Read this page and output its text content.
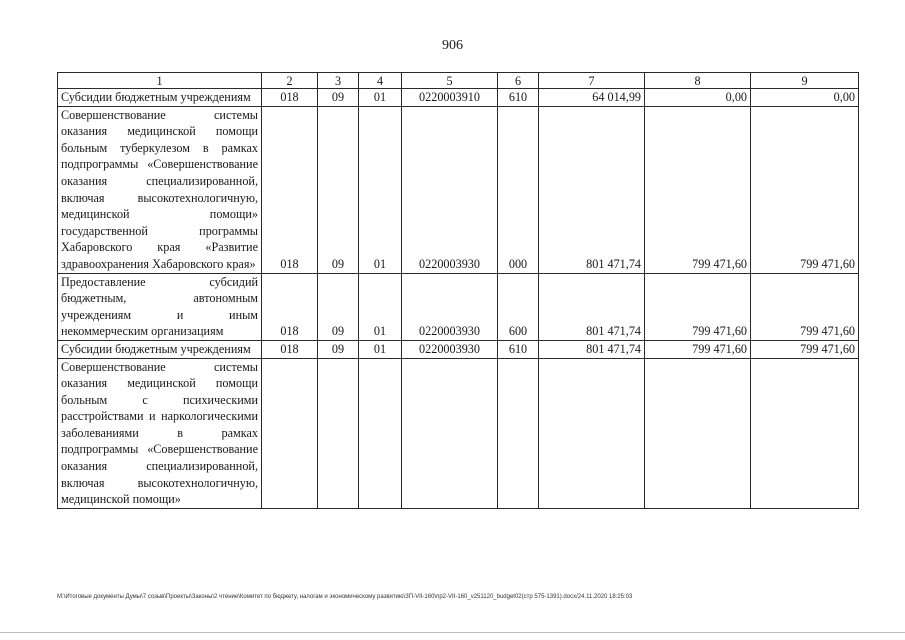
906
1	2	3	4	5	6	7	8	9
Субсидии бюджетным учреждениям	018	09	01	0220003910	610	64 014,99	0,00	0,00
Совершенствование системы оказания медицинской помощи больным туберкулезом в рамках подпрограммы «Совершенствование оказания специализированной, включая высокотехнологичную, медицинской помощи» государственной программы Хабаровского края «Развитие здравоохранения Хабаровского края»	018	09	01	0220003930	000	801 471,74	799 471,60	799 471,60
Предоставление субсидий бюджетным, автономным учреждениям и иным некоммерческим организациям	018	09	01	0220003930	600	801 471,74	799 471,60	799 471,60
Субсидии бюджетным учреждениям	018	09	01	0220003930	610	801 471,74	799 471,60	799 471,60
Совершенствование системы оказания медицинской помощи больным с психическими расстройствами и наркологическими заболеваниями в рамках подпрограммы «Совершенствование оказания специализированной, включая высокотехнологичную, медицинской помощи»								
M:\Итоговые документы Думы\7 созыв\Проекты\Законы\2 чтение\Комитет по бюджету, налогам и экономическому развитию\ЗП-VII-160\пр2-VII-160_v251120_budget02(стр 575-1391).docx/24.11.2020 18:25:03
